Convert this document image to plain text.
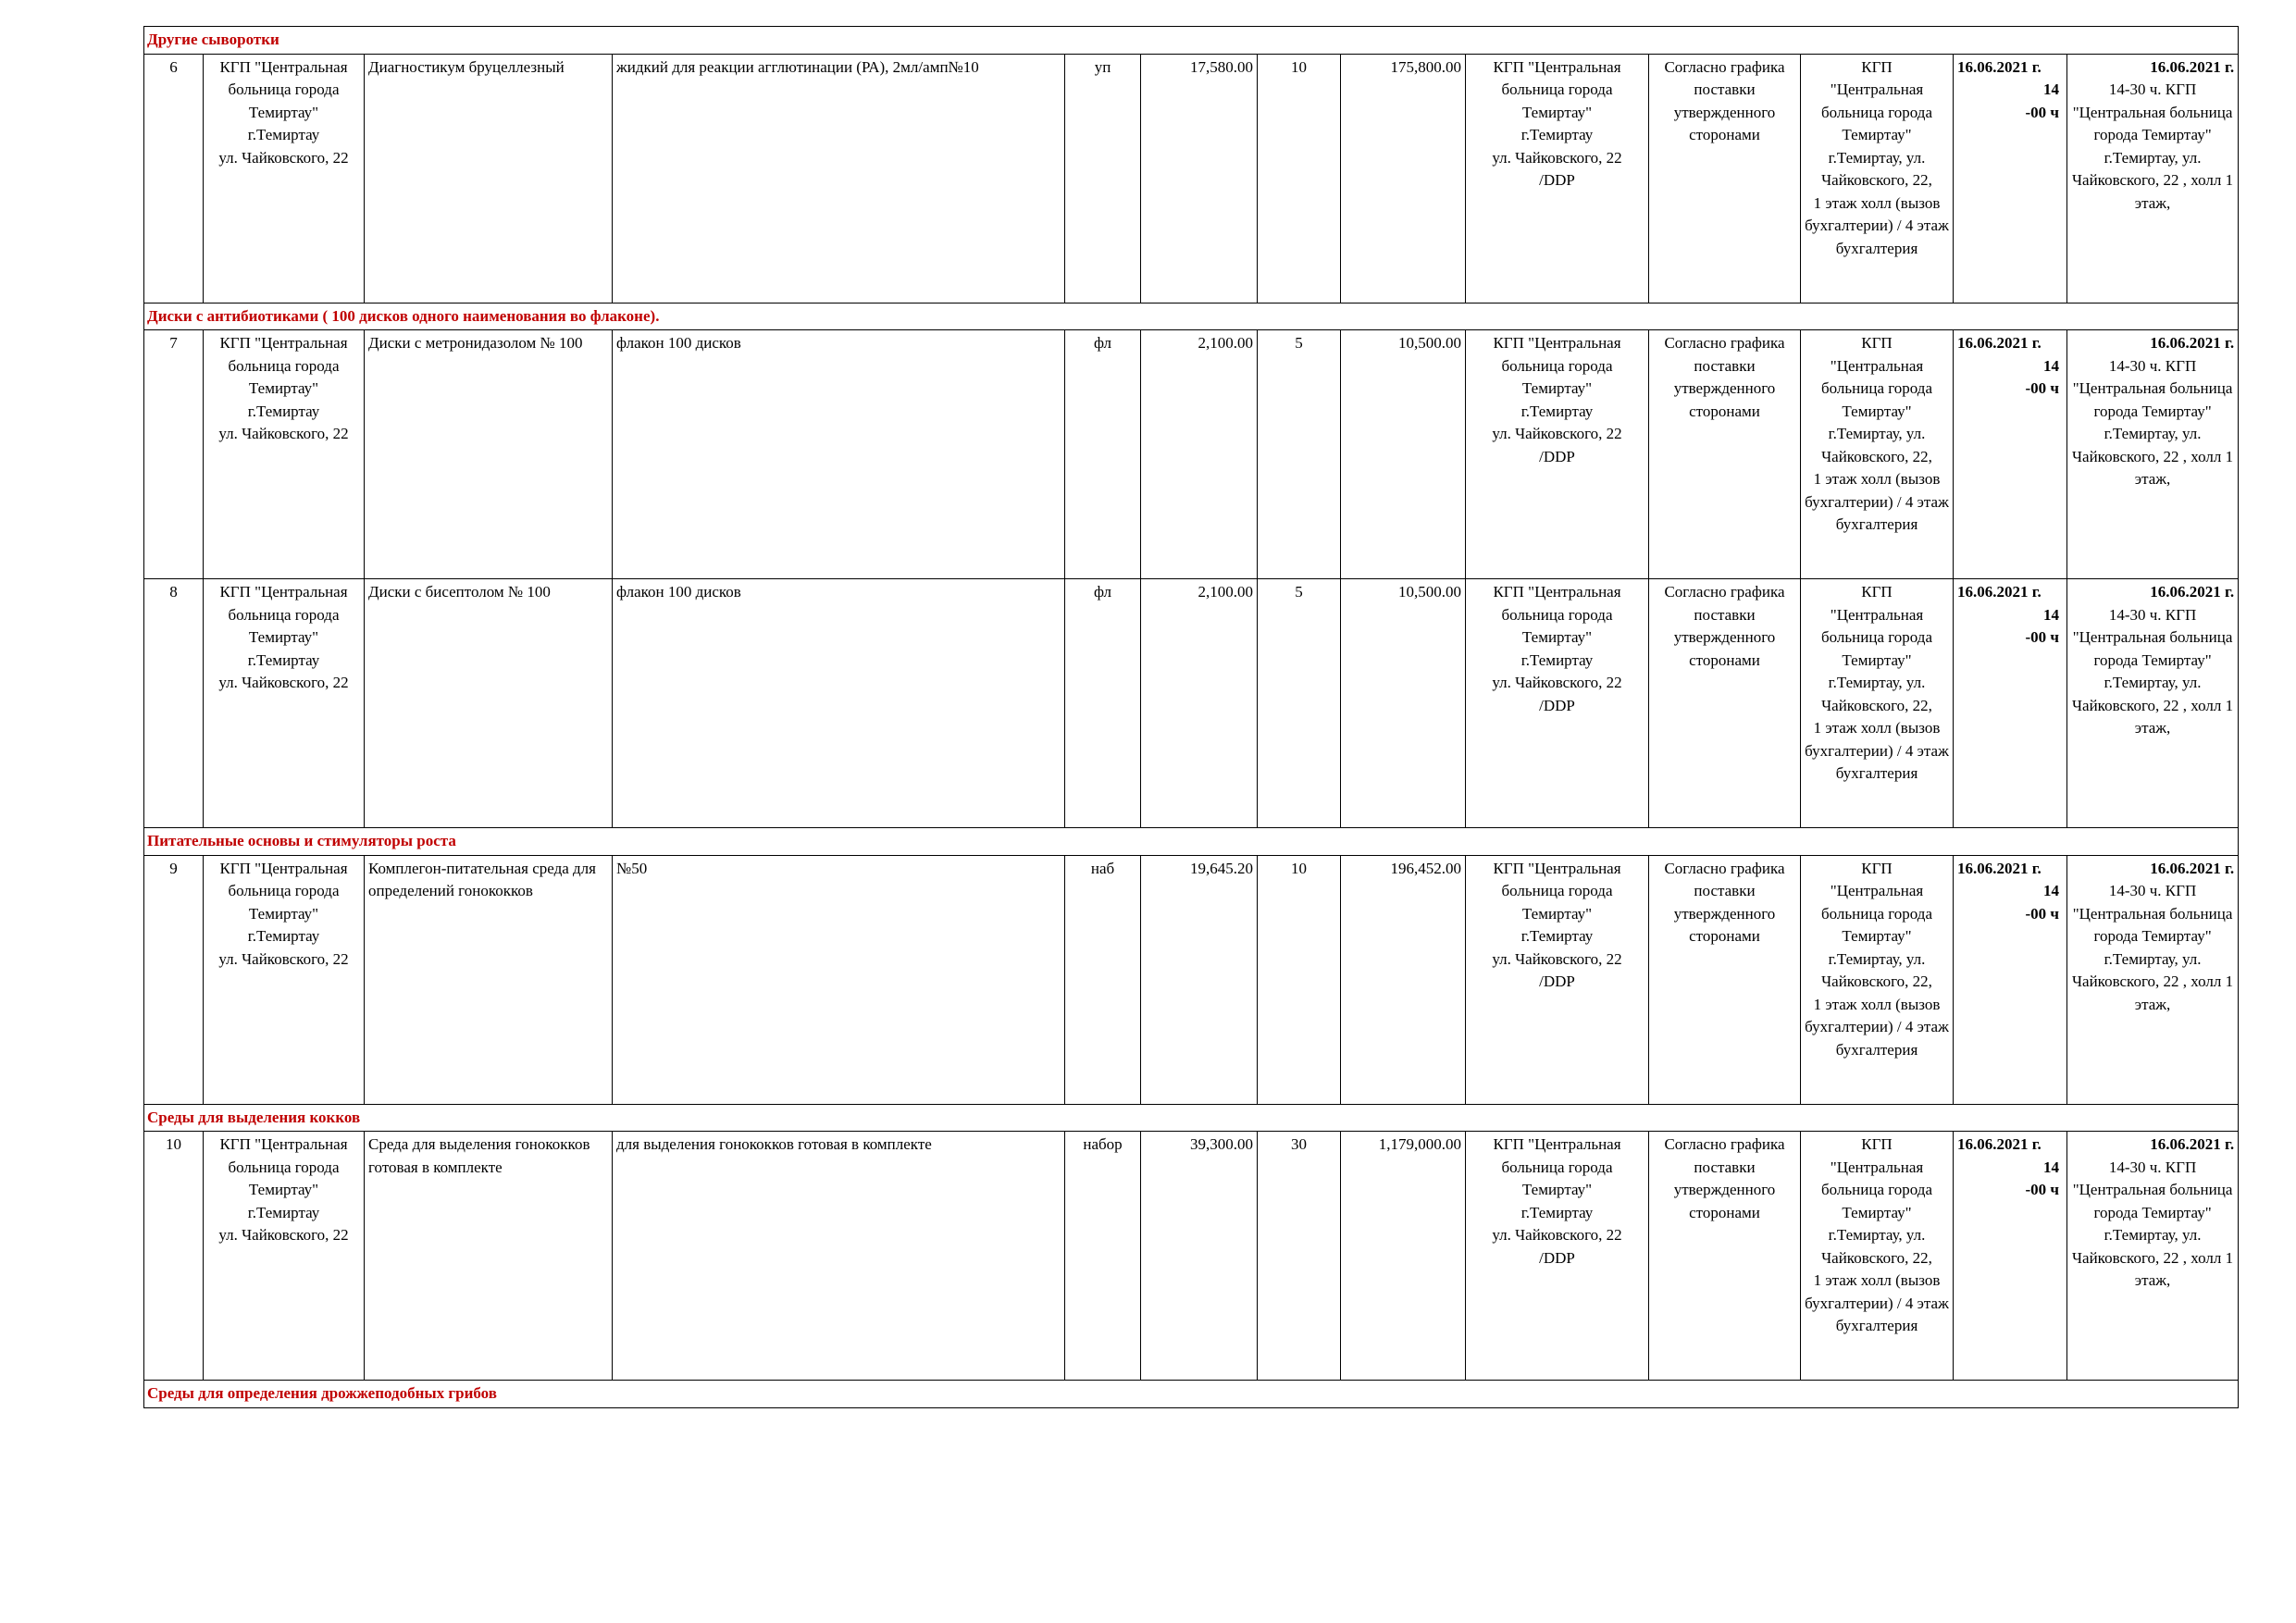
Другие сыворотки												
6	КГП "Центральная больница города Темиртау"
г.Темиртау
ул. Чайковского, 22	Диагностикум бруцеллезный	жидкий для реакции агглютинации (РА), 2мл/амп№10	уп	17,580.00	10	175,800.00	КГП "Центральная больница города Темиртау"
г.Темиртау
ул. Чайковского, 22
/DDP	Согласно графика поставки утвержденного сторонами	КГП
"Центральная больница города Темиртау"
г.Темиртау, ул. Чайковского, 22,
1 этаж холл (вызов бухгалтерии) / 4 этаж бухгалтерия	16.06.2021 г.
14
-00 ч	16.06.2021 г.
14-30 ч. КГП "Центральная больница города Темиртау" г.Темиртау, ул. Чайковского, 22 , холл 1 этаж,

Диски с антибиотиками ( 100 дисков одного наименования во флаконе).												
7	КГП "Центральная больница города Темиртау"
г.Темиртау
ул. Чайковского, 22	Диски с метронидазолом № 100	флакон 100 дисков	фл	2,100.00	5	10,500.00	КГП "Центральная больница города Темиртау"
г.Темиртау
ул. Чайковского, 22
/DDP	Согласно графика поставки утвержденного сторонами	КГП
"Центральная больница города Темиртау"
г.Темиртау, ул. Чайковского, 22,
1 этаж холл (вызов бухгалтерии) / 4 этаж бухгалтерия	16.06.2021 г.
14
-00 ч	16.06.2021 г.
14-30 ч. КГП "Центральная больница города Темиртау" г.Темиртау, ул. Чайковского, 22 , холл 1 этаж,

8	КГП "Центральная больница города Темиртау"
г.Темиртау
ул. Чайковского, 22	Диски с бисептолом № 100	флакон 100 дисков	фл	2,100.00	5	10,500.00	КГП "Центральная больница города Темиртау"
г.Темиртау
ул. Чайковского, 22
/DDP	Согласно графика поставки утвержденного сторонами	КГП
"Центральная больница города Темиртау"
г.Темиртау, ул. Чайковского, 22,
1 этаж холл (вызов бухгалтерии) / 4 этаж бухгалтерия	16.06.2021 г.
14
-00 ч	16.06.2021 г.
14-30 ч. КГП "Центральная больница города Темиртау" г.Темиртау, ул. Чайковского, 22 , холл 1 этаж,

Питательные основы и стимуляторы роста												
9	КГП "Центральная больница города Темиртау"
г.Темиртау
ул. Чайковского, 22	Комплегон-питательная среда для определений гонококков	№50	наб	19,645.20	10	196,452.00	КГП "Центральная больница города Темиртау"
г.Темиртау
ул. Чайковского, 22
/DDP	Согласно графика поставки утвержденного сторонами	КГП
"Центральная больница города Темиртау"
г.Темиртау, ул. Чайковского, 22,
1 этаж холл (вызов бухгалтерии) / 4 этаж бухгалтерия	16.06.2021 г.
14
-00 ч	16.06.2021 г.
14-30 ч. КГП "Центральная больница города Темиртау" г.Темиртау, ул. Чайковского, 22 , холл 1 этаж,

Среды для выделения кокков												
10	КГП "Центральная больница города Темиртау"
г.Темиртау
ул. Чайковского, 22	Среда для выделения гонококков готовая в комплекте	для выделения гонококков готовая в комплекте	набор	39,300.00	30	1,179,000.00	КГП "Центральная больница города Темиртау"
г.Темиртау
ул. Чайковского, 22
/DDP	Согласно графика поставки утвержденного сторонами	КГП
"Центральная больница города Темиртау"
г.Темиртау, ул. Чайковского, 22,
1 этаж холл (вызов бухгалтерии) / 4 этаж бухгалтерия	16.06.2021 г.
14
-00 ч	16.06.2021 г.
14-30 ч. КГП "Центральная больница города Темиртау" г.Темиртау, ул. Чайковского, 22 , холл 1 этаж,

Среды для определения дрожжеподобных грибов												
